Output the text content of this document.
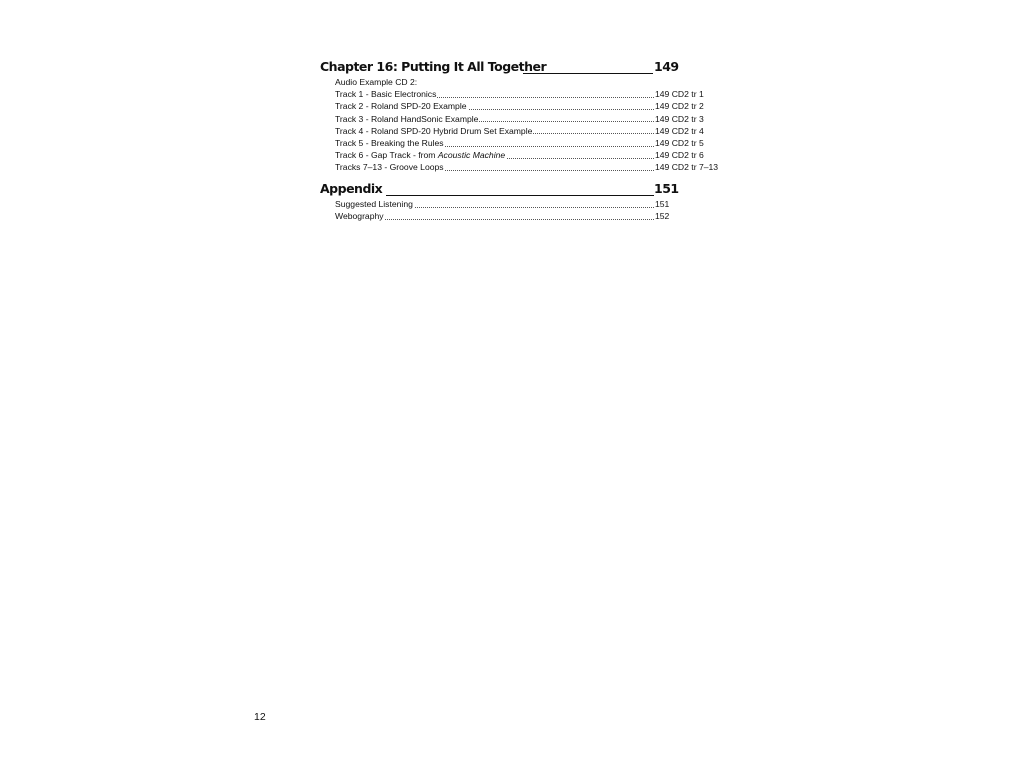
Chapter 16: Putting It All Together	149
Audio Example CD 2:
Track 1 - Basic Electronics	149 CD2 tr 1
Track 2 - Roland SPD-20 Example	149 CD2 tr 2
Track 3 - Roland HandSonic Example	149 CD2 tr 3
Track 4 - Roland SPD-20 Hybrid Drum Set Example	149 CD2 tr 4
Track 5 - Breaking the Rules	149 CD2 tr 5
Track 6 - Gap Track - from Acoustic Machine	149 CD2 tr 6
Tracks 7–13 - Groove Loops	149 CD2 tr 7–13
Appendix	151
Suggested Listening	151
Webography	152
12
